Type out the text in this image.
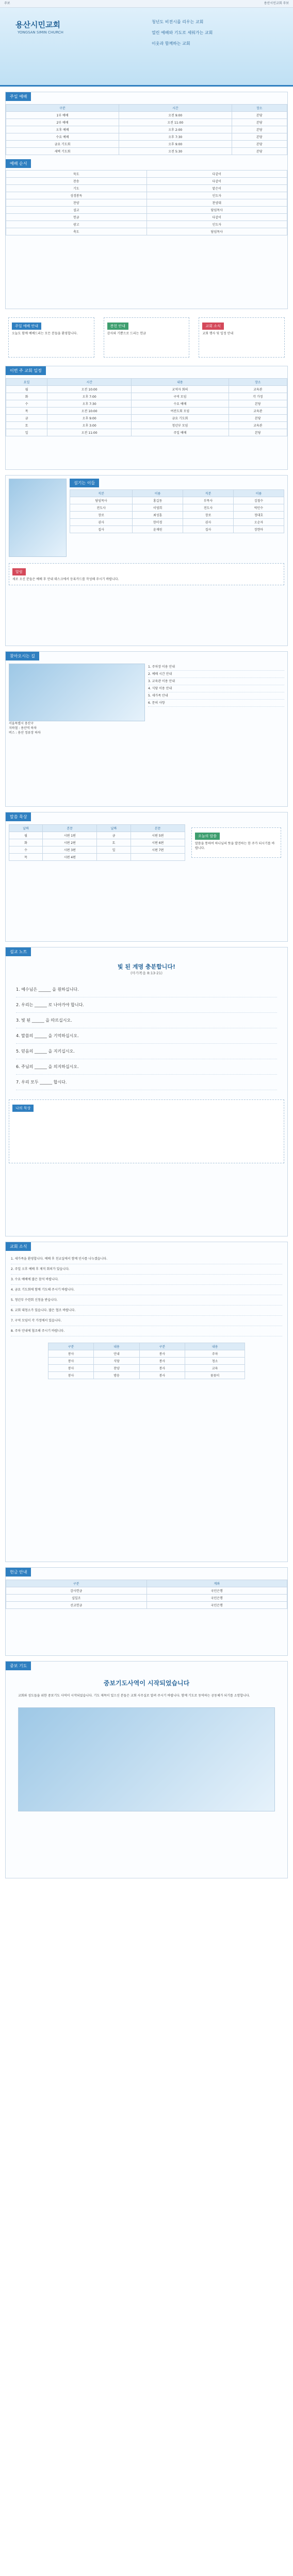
주보	용산시민교회 주보
용산시민교회
YONGSAN SIMIN CHURCH
청년도 비전시를 리우는 교회
열린 예배와 기도로 세워가는 교회
이웃과 함께하는 교회
주일 예배
구분	시간	장소
1부 예배	오전 9:00	본당
2부 예배	오전 11:00	본당
오후 예배	오후 2:00	본당
수요 예배	오후 7:30	본당
금요 기도회	오후 9:00	본당
새벽 기도회	오전 5:30	본당
예배 순서
묵도	다같이
찬송	다같이
기도	맡은이
성경봉독	인도자
찬양	찬양대
설교	담임목사
헌금	다같이
광고	인도자
축도	담임목사
주일 예배 안내
오늘도 함께 예배드리는 모든 분들을 환영합니다.
봉헌 안내
감사와 기쁨으로 드리는 헌금
교회 소식
교회 행사 및 일정 안내
이번 주 교회 일정
요일	시간	내용	장소
월	오전 10:00	교역자 회의	교육관
화	오후 7:00	구역 모임	각 가정
수	오후 7:30	수요 예배	본당
목	오전 10:00	여전도회 모임	교육관
금	오후 9:00	금요 기도회	본당
토	오후 3:00	청년부 모임	교육관
일	오전 11:00	주일 예배	본당
섬기는 이들
직분	이름	직분	이름
담임목사	홍길동	부목사	김철수
전도사	이영희	전도사	박민수
장로	최성훈	장로	정대호
권사	한미경	권사	오순자
집사	윤재원	집사	장현아
알림
새로 오신 분들은 예배 후 안내 데스크에서 등록카드를 작성해 주시기 바랍니다.
찾아오시는 길
서울특별시 용산구
지하철 : 용산역 하차
버스 : 용산 정류장 하차
1. 주차장 이용 안내
2. 예배 시간 안내
3. 교육관 이용 안내
4. 식당 이용 안내
5. 새가족 안내
6. 문의 사항
말씀 묵상
날짜	본문	날짜	본문
월	시편 1편	금	시편 5편
화	시편 2편	토	시편 6편
수	시편 3편	일	시편 7편
목	시편 4편		
오늘의 말씀
말씀을 통하여 하나님의 뜻을 발견하는 한 주가 되시기를 바랍니다.
설교 노트
빛 된 계명 충분합니다!
(마가복음 8:13-21)
1. 예수님은 ______ 을 원하십니다.
2. 우리는 ______ 로 나아가야 합니다.
3. 빛 된 ______ 을 따르십시오.
4. 말씀의 ______ 을 기억하십시오.
5. 믿음의 ______ 을 지키십시오.
6. 주님의 ______ 을 의지하십시오.
7. 우리 모두 ______ 합시다.
나의 묵상
교회 소식
1. 새가족을 환영합니다. 예배 후 친교실에서 함께 인사를 나누겠습니다.
2. 주일 오후 예배 후 제직 회의가 있습니다.
3. 수요 예배에 많은 참석 바랍니다.
4. 금요 기도회에 함께 기도해 주시기 바랍니다.
5. 청년부 수련회 신청을 받습니다.
6. 교회 대청소가 있습니다. 많은 협조 바랍니다.
7. 구역 모임이 각 가정에서 있습니다.
8. 주차 안내에 협조해 주시기 바랍니다.
구분	내용	구분	내용
봉사	안내	봉사	주차
봉사	식당	봉사	청소
봉사	찬양	봉사	교육
봉사	방송	봉사	꽃꽂이
헌금 안내
구분	계좌
감사헌금	국민은행
십일조	국민은행
선교헌금	국민은행
중보 기도
중보기도사역이 시작되었습니다
교회와 성도들을 위한 중보기도 사역이 시작되었습니다. 기도 제목이 있으신 분들은 교회 사무실로 알려 주시기 바랍니다. 함께 기도로 동역하는 공동체가 되기를 소망합니다.
